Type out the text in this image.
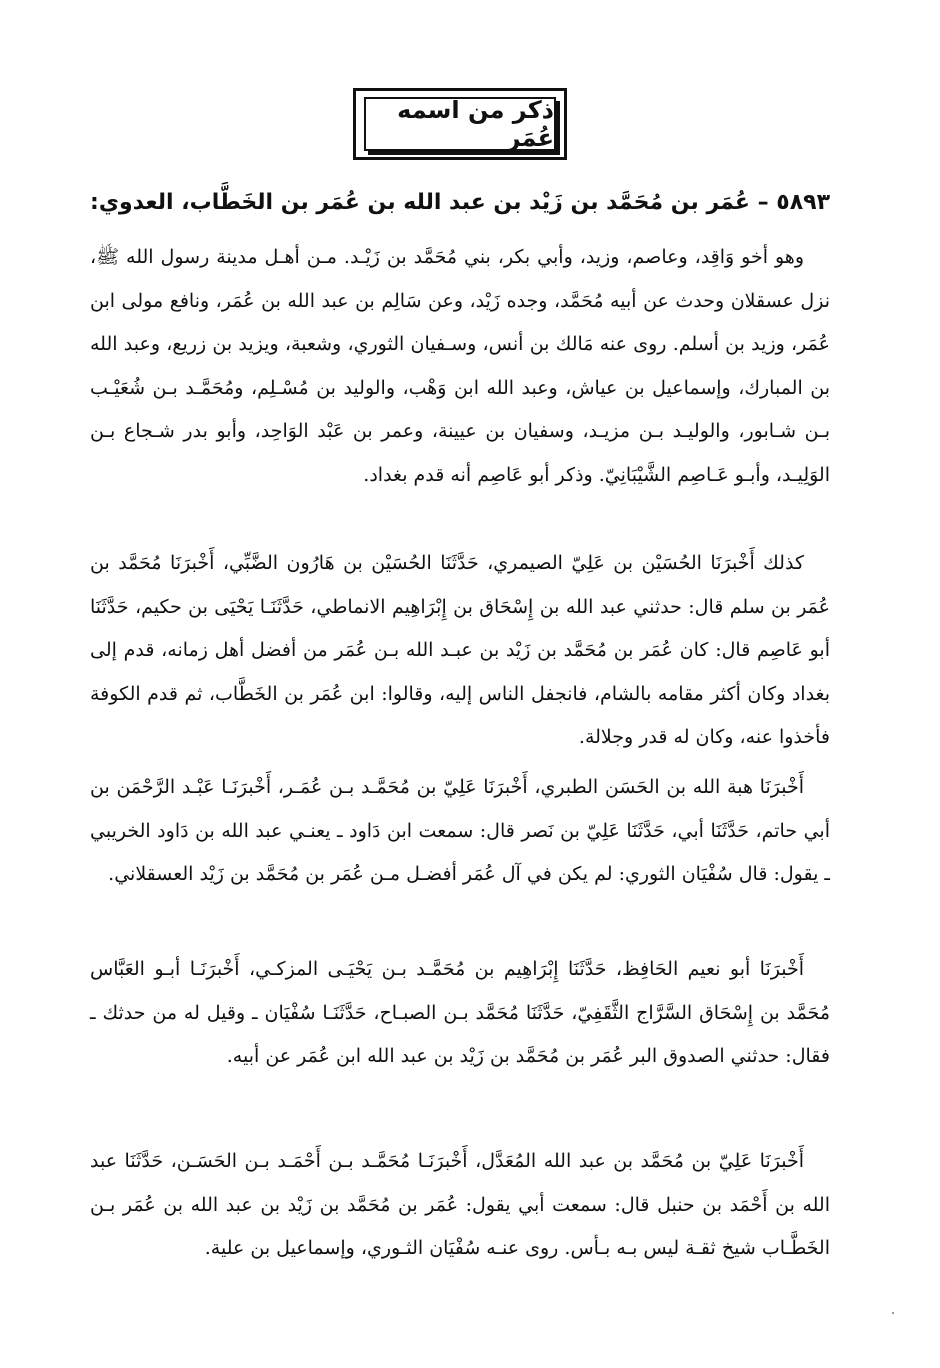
ذكر من اسمه عُمَر
٥٨٩٣ – عُمَر بن مُحَمَّد بن زَيْد بن عبد الله بن عُمَر بن الخَطَّاب، العدوي:

وهو أخو وَاقِد، وعاصم، وزيد، وأبي بكر، بني مُحَمَّد بن زَيْـد. مـن أهـل مدينة رسول الله ﷺ، نزل عسقلان وحدث عن أبيه مُحَمَّد، وجده زَيْد، وعن سَالِم بن عبد الله بن عُمَر، ونافع مولى ابن عُمَر، وزيد بن أسلم. روى عنه مَالك بن أنس، وسـفيان الثوري، وشعبة، ويزيد بن زريع، وعبد الله بن المبارك، وإسماعيل بن عياش، وعبد الله ابن وَهْب، والوليد بن مُسْـلِم، ومُحَمَّـد بـن شُعَيْـب بـن شـابور، والوليـد بـن مزيـد، وسفيان بن عيينة، وعمر بن عَبْد الوَاحِد، وأبو بدر شـجاع بـن الوَلِيـد، وأبـو عَـاصِم الشَّيْبَانِيّ. وذكر أبو عَاصِم أنه قدم بغداد.

كذلك أَخْبرَنَا الحُسَيْن بن عَلِيّ الصيمري، حَدَّثَنَا الحُسَيْن بن هَارُون الضَّبِّي، أَخْبرَنَا مُحَمَّد بن عُمَر بن سلم قال: حدثني عبد الله بن إِسْحَاق بن إِبْرَاهِيم الانماطي، حَدَّثَنَـا يَحْيَى بن حكيم، حَدَّثَنَا أبو عَاصِم قال: كان عُمَر بن مُحَمَّد بن زَيْد بن عبـد الله بـن عُمَر من أفضل أهل زمانه، قدم إلى بغداد وكان أكثر مقامه بالشام، فانجفل الناس إليه، وقالوا: ابن عُمَر بن الخَطَّاب، ثم قدم الكوفة فأخذوا عنه، وكان له قدر وجلالة.

أَخْبرَنَا هبة الله بن الحَسَن الطبري، أَخْبرَنَا عَلِيّ بن مُحَمَّـد بـن عُمَـر، أَخْبرَنَـا عَبْـد الرَّحْمَن بن أبي حاتم، حَدَّثَنَا أبي، حَدَّثَنَا عَلِيّ بن نَصر قال: سمعت ابن دَاود ـ يعنـي عبد الله بن دَاود الخريبي ـ يقول: قال سُفْيَان الثوري: لم يكن في آل عُمَر أفضـل مـن عُمَر بن مُحَمَّد بن زَيْد العسقلاني.

أَخْبرَنَا أبو نعيم الحَافِظ، حَدَّثَنَا إِبْرَاهِيم بن مُحَمَّـد بـن يَحْيَـى المزكـي، أَخْبرَنَـا أبـو العَبَّاس مُحَمَّد بن إِسْحَاق السَّرَّاج الثَّقَفِيّ، حَدَّثَنَا مُحَمَّد بـن الصبـاح، حَدَّثَنَـا سُفْيَان ـ وقيل له من حدثك ـ فقال: حدثني الصدوق البر عُمَر بن مُحَمَّد بن زَيْد بن عبد الله ابن عُمَر عن أبيه.

أَخْبرَنَا عَلِيّ بن مُحَمَّد بن عبد الله المُعَدَّل، أَخْبرَنَـا مُحَمَّـد بـن أَحْمَـد بـن الحَسَـن، حَدَّثَنَا عبد الله بن أَحْمَد بن حنبل قال: سمعت أبي يقول: عُمَر بن مُحَمَّد بن زَيْد بن عبد الله بن عُمَر بـن الخَطَّـاب شيخ ثقـة ليس بـه بـأس. روى عنـه سُفْيَان الثـوري، وإسماعيل بن علية.
